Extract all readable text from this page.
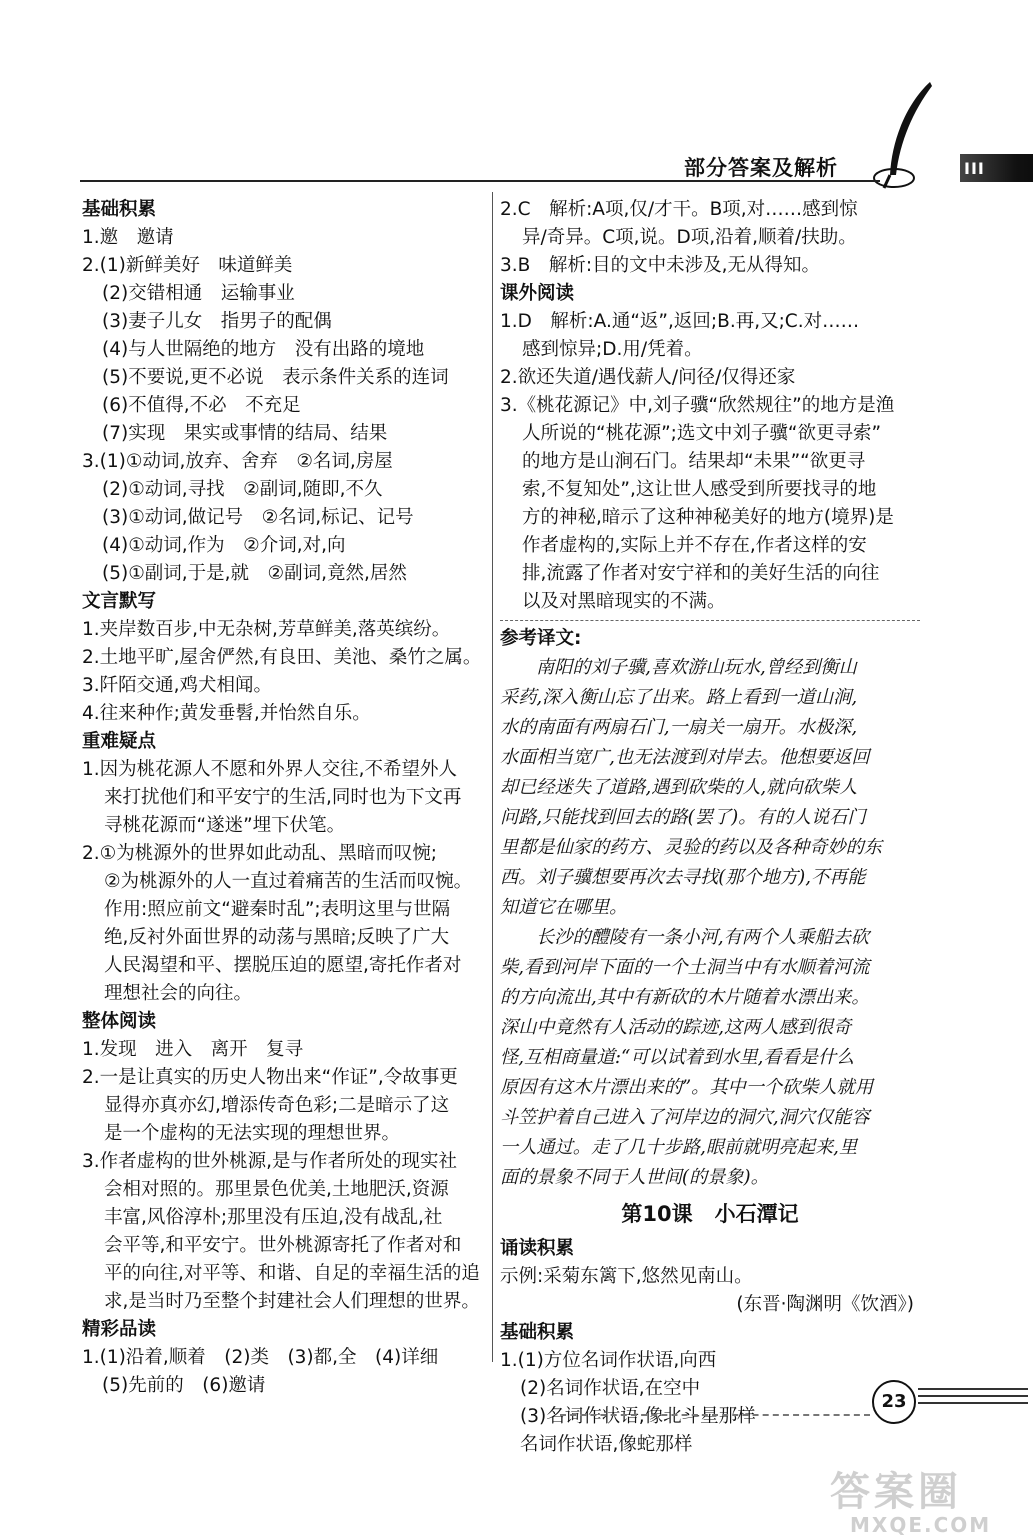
部分答案及解析	III

基础积累

1.邀　邀请

2.(1)新鲜美好　味道鲜美

(2)交错相通　运输事业

(3)妻子儿女　指男子的配偶

(4)与人世隔绝的地方　没有出路的境地

(5)不要说,更不必说　表示条件关系的连词

(6)不值得,不必　不充足

(7)实现　果实或事情的结局、结果

3.(1)①动词,放弃、舍弃　②名词,房屋

(2)①动词,寻找　②副词,随即,不久

(3)①动词,做记号　②名词,标记、记号

(4)①动词,作为　②介词,对,向

(5)①副词,于是,就　②副词,竟然,居然

文言默写

1.夹岸数百步,中无杂树,芳草鲜美,落英缤纷。

2.土地平旷,屋舍俨然,有良田、美池、桑竹之属。

3.阡陌交通,鸡犬相闻。

4.往来种作;黄发垂髫,并怡然自乐。

重难疑点

1.因为桃花源人不愿和外界人交往,不希望外人

来打扰他们和平安宁的生活,同时也为下文再

寻桃花源而“遂迷”埋下伏笔。

2.①为桃源外的世界如此动乱、黑暗而叹惋;

②为桃源外的人一直过着痛苦的生活而叹惋。

作用:照应前文“避秦时乱”;表明这里与世隔

绝,反衬外面世界的动荡与黑暗;反映了广大

人民渴望和平、摆脱压迫的愿望,寄托作者对

理想社会的向往。

整体阅读

1.发现　进入　离开　复寻

2.一是让真实的历史人物出来“作证”,令故事更

显得亦真亦幻,增添传奇色彩;二是暗示了这

是一个虚构的无法实现的理想世界。

3.作者虚构的世外桃源,是与作者所处的现实社

会相对照的。那里景色优美,土地肥沃,资源

丰富,风俗淳朴;那里没有压迫,没有战乱,社

会平等,和平安宁。世外桃源寄托了作者对和

平的向往,对平等、和谐、自足的幸福生活的追

求,是当时乃至整个封建社会人们理想的世界。

精彩品读

1.(1)沿着,顺着　(2)类　(3)都,全　(4)详细

(5)先前的　(6)邀请

2.C　解析:A项,仅/才干。B项,对……感到惊

异/奇异。C项,说。D项,沿着,顺着/扶助。

3.B　解析:目的文中未涉及,无从得知。

课外阅读

1.D　解析:A.通“返”,返回;B.再,又;C.对……

感到惊异;D.用/凭着。

2.欲还失道/遇伐薪人/问径/仅得还家

3.《桃花源记》中,刘子骥“欣然规往”的地方是渔

人所说的“桃花源”;选文中刘子骥“欲更寻索”

的地方是山涧石门。结果却“未果”“欲更寻

索,不复知处”,这让世人感受到所要找寻的地

方的神秘,暗示了这种神秘美好的地方(境界)是

作者虚构的,实际上并不存在,作者这样的安

排,流露了作者对安宁祥和的美好生活的向往

以及对黑暗现实的不满。

参考译文:

南阳的刘子骥,喜欢游山玩水,曾经到衡山

采药,深入衡山忘了出来。路上看到一道山涧,

水的南面有两扇石门,一扇关一扇开。水极深,

水面相当宽广,也无法渡到对岸去。他想要返回

却已经迷失了道路,遇到砍柴的人,就向砍柴人

问路,只能找到回去的路(罢了)。有的人说石门

里都是仙家的药方、灵验的药以及各种奇妙的东

西。刘子骥想要再次去寻找(那个地方),不再能

知道它在哪里。

长沙的醴陵有一条小河,有两个人乘船去砍

柴,看到河岸下面的一个土洞当中有水顺着河流

的方向流出,其中有新砍的木片随着水漂出来。

深山中竟然有人活动的踪迹,这两人感到很奇

怪,互相商量道:“可以试着到水里,看看是什么

原因有这木片漂出来的”。其中一个砍柴人就用

斗笠护着自己进入了河岸边的洞穴,洞穴仅能容

一人通过。走了几十步路,眼前就明亮起来,里

面的景象不同于人世间(的景象)。

第10课 小石潭记

诵读积累

示例:采菊东篱下,悠然见南山。

(东晋·陶渊明《饮酒》)

基础积累

1.(1)方位名词作状语,向西

(2)名词作状语,在空中

(3)名词作状语,像北斗星那样

名词作状语,像蛇那样

23
答案圈
MXQE.COM
